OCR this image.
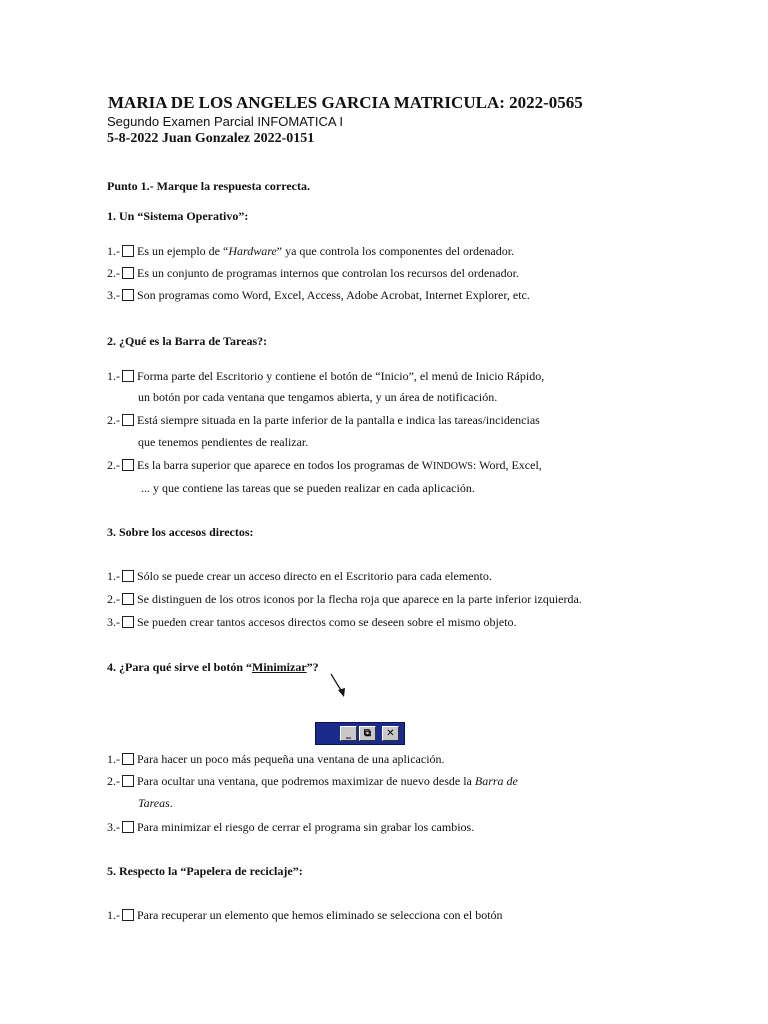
MARIA DE LOS ANGELES GARCIA MATRICULA: 2022-0565
Segundo Examen Parcial INFOMATICA I
5-8-2022 Juan Gonzalez 2022-0151
Punto 1.- Marque la respuesta correcta.
1. Un “Sistema Operativo”:
1.- Es un ejemplo de “Hardware” ya que controla los componentes del ordenador.
2.- Es un conjunto de programas internos que controlan los recursos del ordenador.
3.- Son programas como Word, Excel, Access, Adobe Acrobat, Internet Explorer, etc.
2. ¿Qué es la Barra de Tareas?:
1.- Forma parte del Escritorio y contiene el botón de “Inicio”, el menú de Inicio Rápido,
un botón por cada ventana que tengamos abierta, y un área de notificación.
2.- Está siempre situada en la parte inferior de la pantalla e indica las tareas/incidencias
que tenemos pendientes de realizar.
2.- Es la barra superior que aparece en todos los programas de WINDOWS: Word, Excel,
... y que contiene las tareas que se pueden realizar en cada aplicación.
3. Sobre los accesos directos:
1.- Sólo se puede crear un acceso directo en el Escritorio para cada elemento.
2.- Se distinguen de los otros iconos por la flecha roja que aparece en la parte inferior izquierda.
3.- Se pueden crear tantos accesos directos como se deseen sobre el mismo objeto.
4. ¿Para qué sirve el botón “Minimizar”?
_	⧉	✕
1.- Para hacer un poco más pequeña una ventana de una aplicación.
2.- Para ocultar una ventana, que podremos maximizar de nuevo desde la Barra de
Tareas.
3.- Para minimizar el riesgo de cerrar el programa sin grabar los cambios.
5. Respecto la “Papelera de reciclaje”:
1.- Para recuperar un elemento que hemos eliminado se selecciona con el botón
